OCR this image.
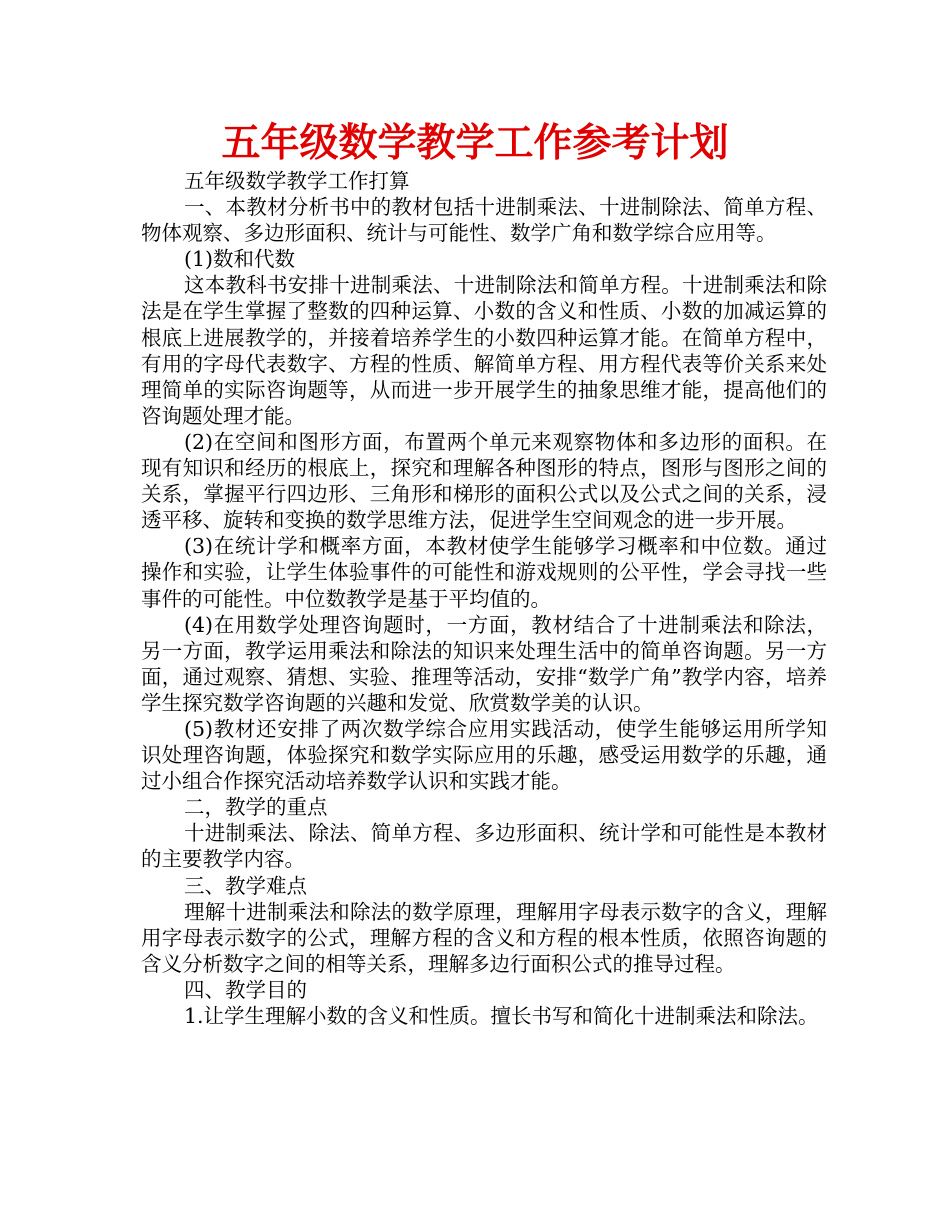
五年级数学教学工作参考计划

五年级数学教学工作打算

一、本教材分析书中的教材包括十进制乘法、十进制除法、简单方程、物体观察、多边形面积、统计与可能性、数学广角和数学综合应用等。

(1)数和代数

这本教科书安排十进制乘法、十进制除法和简单方程。十进制乘法和除法是在学生掌握了整数的四种运算、小数的含义和性质、小数的加减运算的根底上进展教学的，并接着培养学生的小数四种运算才能。在简单方程中，有用的字母代表数字、方程的性质、解简单方程、用方程代表等价关系来处理简单的实际咨询题等，从而进一步开展学生的抽象思维才能，提高他们的咨询题处理才能。

(2)在空间和图形方面，布置两个单元来观察物体和多边形的面积。在现有知识和经历的根底上，探究和理解各种图形的特点，图形与图形之间的关系，掌握平行四边形、三角形和梯形的面积公式以及公式之间的关系，浸透平移、旋转和变换的数学思维方法，促进学生空间观念的进一步开展。

(3)在统计学和概率方面，本教材使学生能够学习概率和中位数。通过操作和实验，让学生体验事件的可能性和游戏规则的公平性，学会寻找一些事件的可能性。中位数教学是基于平均值的。

(4)在用数学处理咨询题时，一方面，教材结合了十进制乘法和除法，另一方面，教学运用乘法和除法的知识来处理生活中的简单咨询题。另一方面，通过观察、猜想、实验、推理等活动，安排“数学广角”教学内容，培养学生探究数学咨询题的兴趣和发觉、欣赏数学美的认识。

(5)教材还安排了两次数学综合应用实践活动，使学生能够运用所学知识处理咨询题，体验探究和数学实际应用的乐趣，感受运用数学的乐趣，通过小组合作探究活动培养数学认识和实践才能。

二，教学的重点

十进制乘法、除法、简单方程、多边形面积、统计学和可能性是本教材的主要教学内容。

三、教学难点

理解十进制乘法和除法的数学原理，理解用字母表示数字的含义，理解用字母表示数字的公式，理解方程的含义和方程的根本性质，依照咨询题的含义分析数字之间的相等关系，理解多边行面积公式的推导过程。

四、教学目的

1.让学生理解小数的含义和性质。擅长书写和简化十进制乘法和除法。
